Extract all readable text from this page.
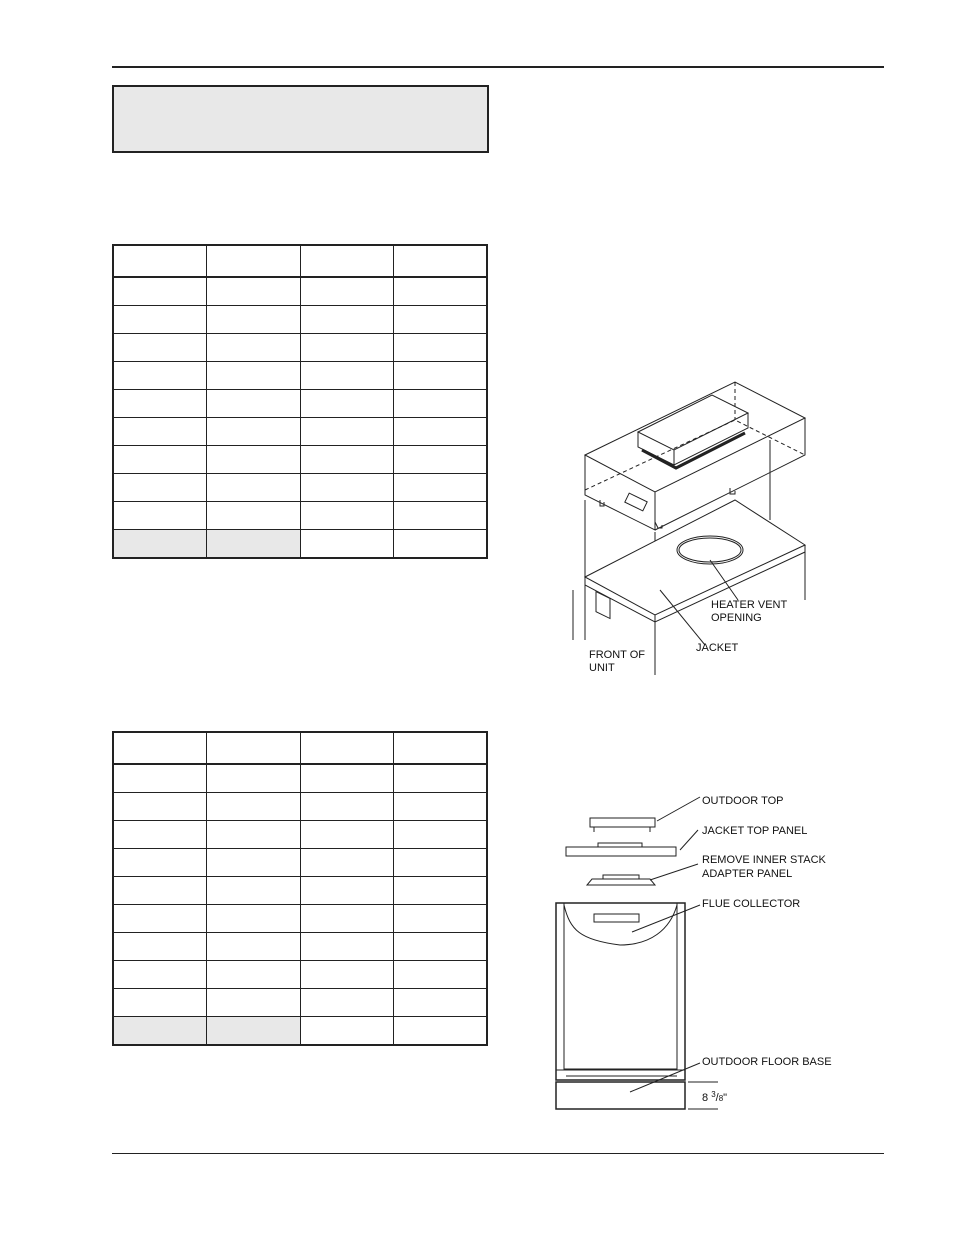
HEATER VENT
OPENING
JACKET
FRONT OF
UNIT
OUTDOOR TOP
JACKET TOP PANEL
REMOVE INNER STACK
ADAPTER PANEL
FLUE COLLECTOR
OUTDOOR FLOOR BASE
8 $^3$/8"
